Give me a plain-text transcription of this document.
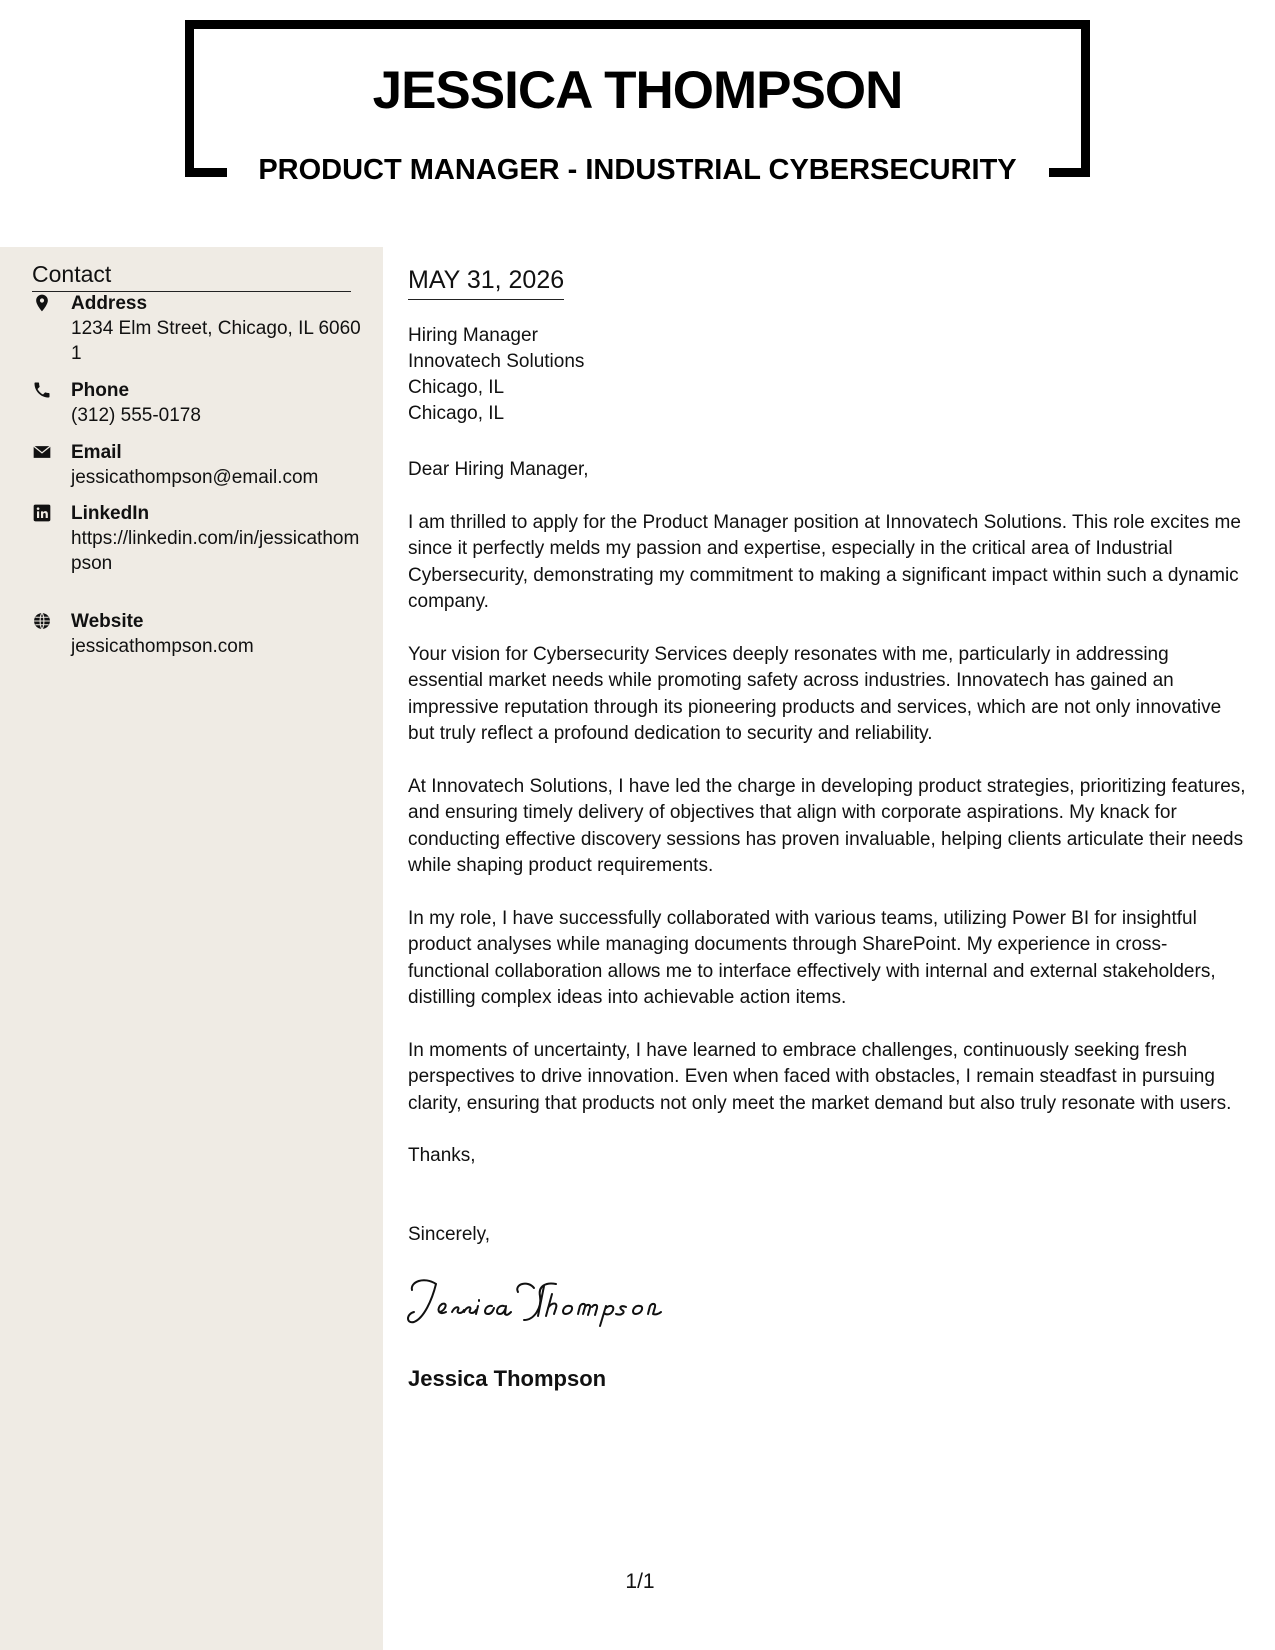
JESSICA THOMPSON
PRODUCT MANAGER - INDUSTRIAL CYBERSECURITY
Contact
Address
1234 Elm Street, Chicago, IL 60601
Phone
(312) 555-0178
Email
jessicathompson@email.com
LinkedIn
https://linkedin.com/in/jessicathompson
Website
jessicathompson.com
MAY 31, 2026
Hiring Manager
Innovatech Solutions
Chicago, IL
Chicago, IL

Dear Hiring Manager,

I am thrilled to apply for the Product Manager position at Innovatech Solutions. This role excites me since it perfectly melds my passion and expertise, especially in the critical area of Industrial Cybersecurity, demonstrating my commitment to making a significant impact within such a dynamic company.

Your vision for Cybersecurity Services deeply resonates with me, particularly in addressing essential market needs while promoting safety across industries. Innovatech has gained an impressive reputation through its pioneering products and services, which are not only innovative but truly reflect a profound dedication to security and reliability.

At Innovatech Solutions, I have led the charge in developing product strategies, prioritizing features, and ensuring timely delivery of objectives that align with corporate aspirations. My knack for conducting effective discovery sessions has proven invaluable, helping clients articulate their needs while shaping product requirements.

In my role, I have successfully collaborated with various teams, utilizing Power BI for insightful product analyses while managing documents through SharePoint. My experience in cross-functional collaboration allows me to interface effectively with internal and external stakeholders, distilling complex ideas into achievable action items.

In moments of uncertainty, I have learned to embrace challenges, continuously seeking fresh perspectives to drive innovation. Even when faced with obstacles, I remain steadfast in pursuing clarity, ensuring that products not only meet the market demand but also truly resonate with users.

Thanks,

Sincerely,
Jessica Thompson
1/1
